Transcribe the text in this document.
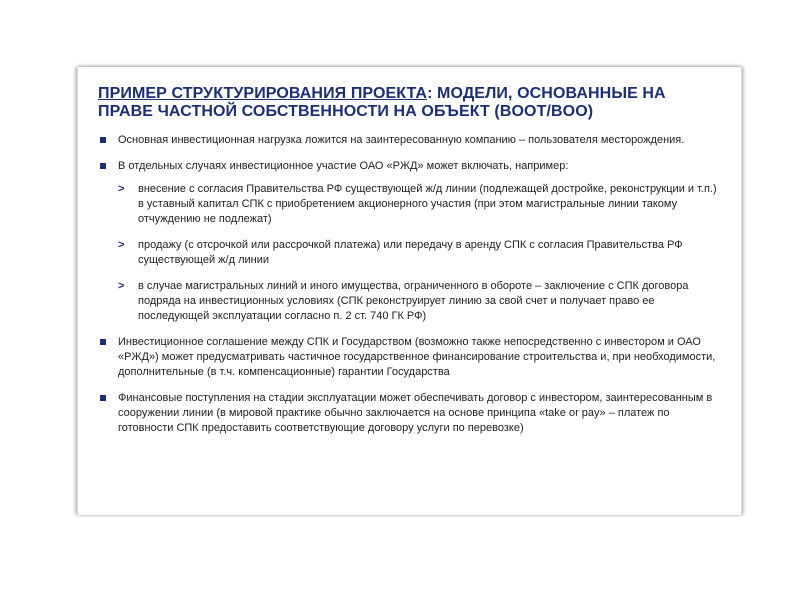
ПРИМЕР СТРУКТУРИРОВАНИЯ ПРОЕКТА: МОДЕЛИ, ОСНОВАННЫЕ НА ПРАВЕ ЧАСТНОЙ СОБСТВЕННОСТИ НА ОБЪЕКТ (BOOT/BOO)
Основная инвестиционная нагрузка ложится на заинтересованную компанию – пользователя месторождения.
В отдельных случаях инвестиционное участие ОАО «РЖД» может включать, например:
> внесение с согласия Правительства РФ существующей ж/д линии (подлежащей достройке, реконструкции и т.п.) в уставный капитал СПК с приобретением акционерного участия (при этом магистральные линии такому отчуждению не подлежат)
> продажу (с отсрочкой или рассрочкой платежа) или передачу в аренду СПК с согласия Правительства РФ существующей ж/д линии
> в случае магистральных линий и иного имущества, ограниченного в обороте – заключение с СПК договора подряда на инвестиционных условиях (СПК реконструирует линию за свой счет и получает право ее последующей эксплуатации согласно п. 2 ст. 740 ГК РФ)
Инвестиционное соглашение между СПК и Государством (возможно также непосредственно с инвестором и ОАО «РЖД») может предусматривать частичное государственное финансирование строительства и, при необходимости, дополнительные (в т.ч. компенсационные) гарантии Государства
Финансовые поступления на стадии эксплуатации может обеспечивать договор с инвестором, заинтересованным в сооружении линии (в мировой практике обычно заключается на основе принципа «take or pay» – платеж по готовности СПК предоставить соответствующие договору услуги по перевозке)
